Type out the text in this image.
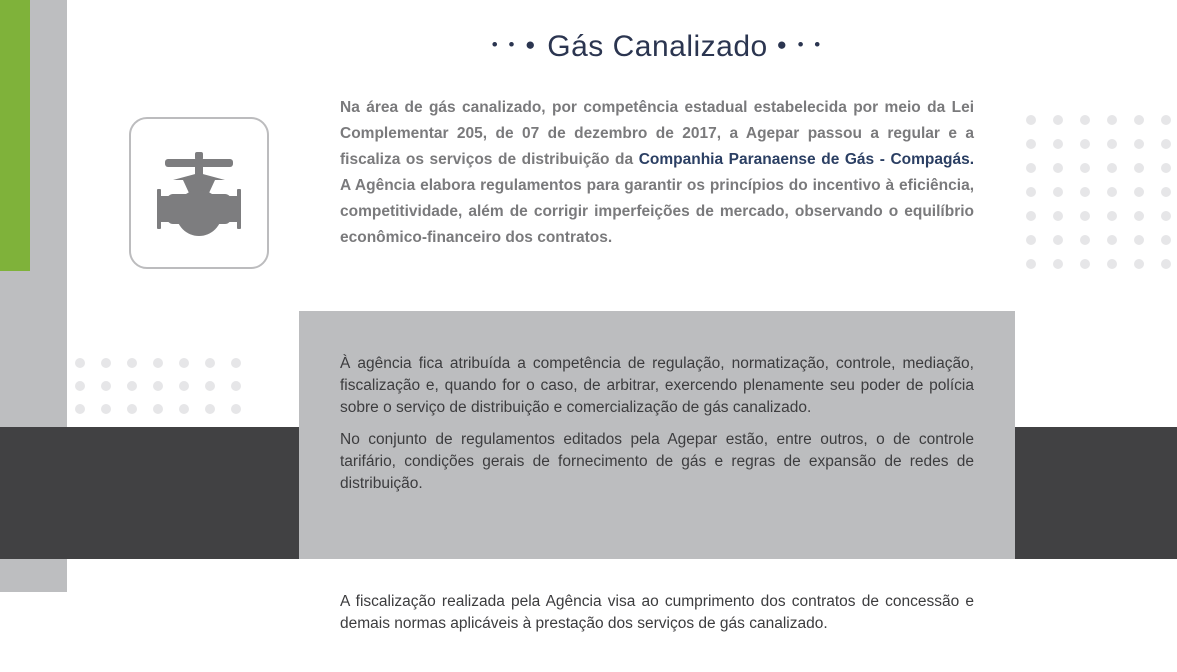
• • ● Gás Canalizado ● • •

Na área de gás canalizado, por competência estadual estabelecida por meio da Lei Complementar 205, de 07 de dezembro de 2017, a Agepar passou a regular e a fiscaliza os serviços de distribuição da Companhia Paranaense de Gás - Compagás. A Agência elabora regulamentos para garantir os princípios do incentivo à eficiência, competitividade, além de corrigir imperfeições de mercado, observando o equilíbrio econômico-financeiro dos contratos.

À agência fica atribuída a competência de regulação, normatização, controle, mediação, fiscalização e, quando for o caso, de arbitrar, exercendo plenamente seu poder de polícia sobre o serviço de distribuição e comercialização de gás canalizado.

No conjunto de regulamentos editados pela Agepar estão, entre outros, o de controle tarifário, condições gerais de fornecimento de gás e regras de expansão de redes de distribuição.

A fiscalização realizada pela Agência visa ao cumprimento dos contratos de concessão e demais normas aplicáveis à prestação dos serviços de gás canalizado.
